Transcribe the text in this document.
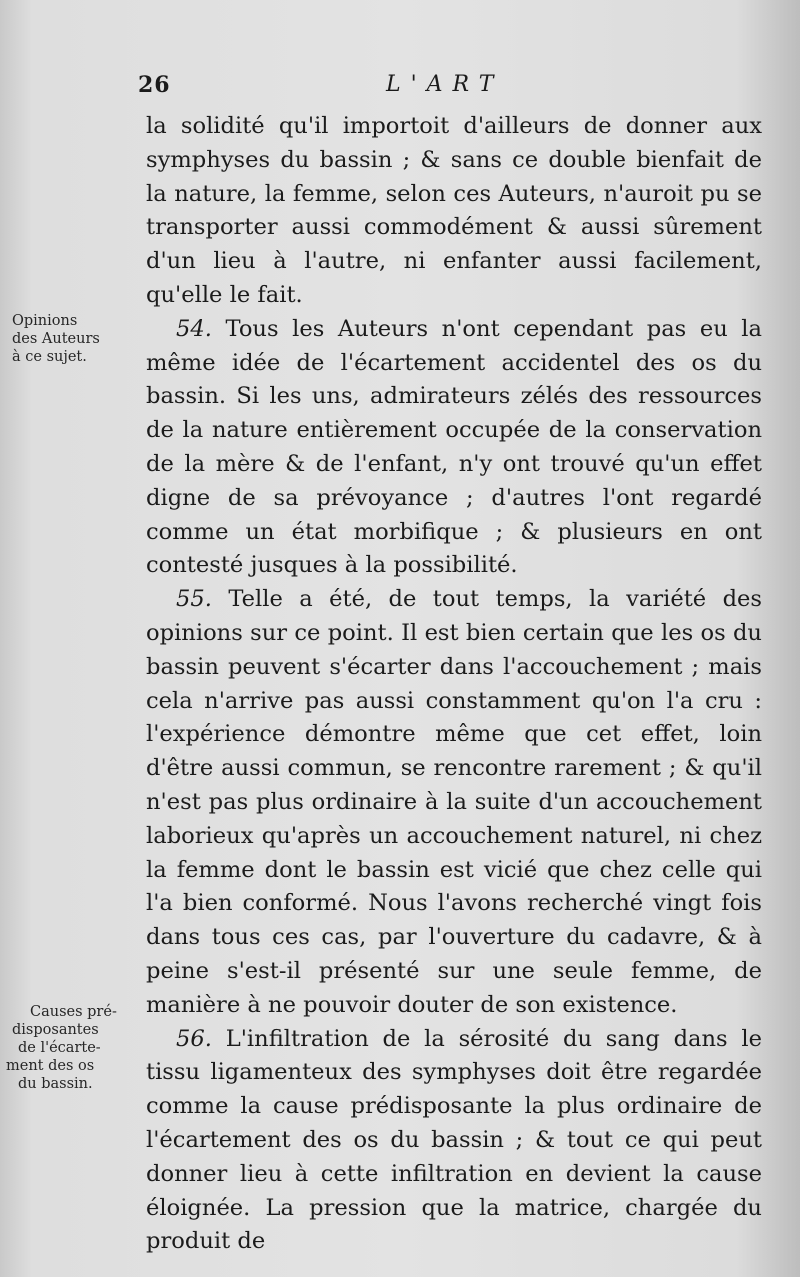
26	L'ART
Opinions
des Auteurs
à ce sujet.
Causes pré-
disposantes
de l'écarte-
ment des os
du bassin.

la solidité qu'il importoit d'ailleurs de donner aux symphyses du bassin ; & sans ce double bienfait de la nature, la femme, selon ces Auteurs, n'auroit pu se transporter aussi commodément & aussi sûrement d'un lieu à l'autre, ni enfanter aussi facilement, qu'elle le fait.

54. Tous les Auteurs n'ont cependant pas eu la même idée de l'écartement accidentel des os du bassin. Si les uns, admirateurs zélés des ressources de la nature entièrement occupée de la conservation de la mère & de l'enfant, n'y ont trouvé qu'un effet digne de sa prévoyance ; d'autres l'ont regardé comme un état morbifique ; & plusieurs en ont contesté jusques à la possibilité.

55. Telle a été, de tout temps, la variété des opinions sur ce point. Il est bien certain que les os du bassin peuvent s'écarter dans l'accouchement ; mais cela n'arrive pas aussi constamment qu'on l'a cru : l'expérience démontre même que cet effet, loin d'être aussi commun, se rencontre rarement ; & qu'il n'est pas plus ordinaire à la suite d'un accouchement laborieux qu'après un accouchement naturel, ni chez la femme dont le bassin est vicié que chez celle qui l'a bien conformé. Nous l'avons recherché vingt fois dans tous ces cas, par l'ouverture du cadavre, & à peine s'est-il présenté sur une seule femme, de manière à ne pouvoir douter de son existence.

56. L'infiltration de la sérosité du sang dans le tissu ligamenteux des symphyses doit être regardée comme la cause prédisposante la plus ordinaire de l'écartement des os du bassin ; & tout ce qui peut donner lieu à cette infiltration en devient la cause éloignée. La pression que la matrice, chargée du produit de
